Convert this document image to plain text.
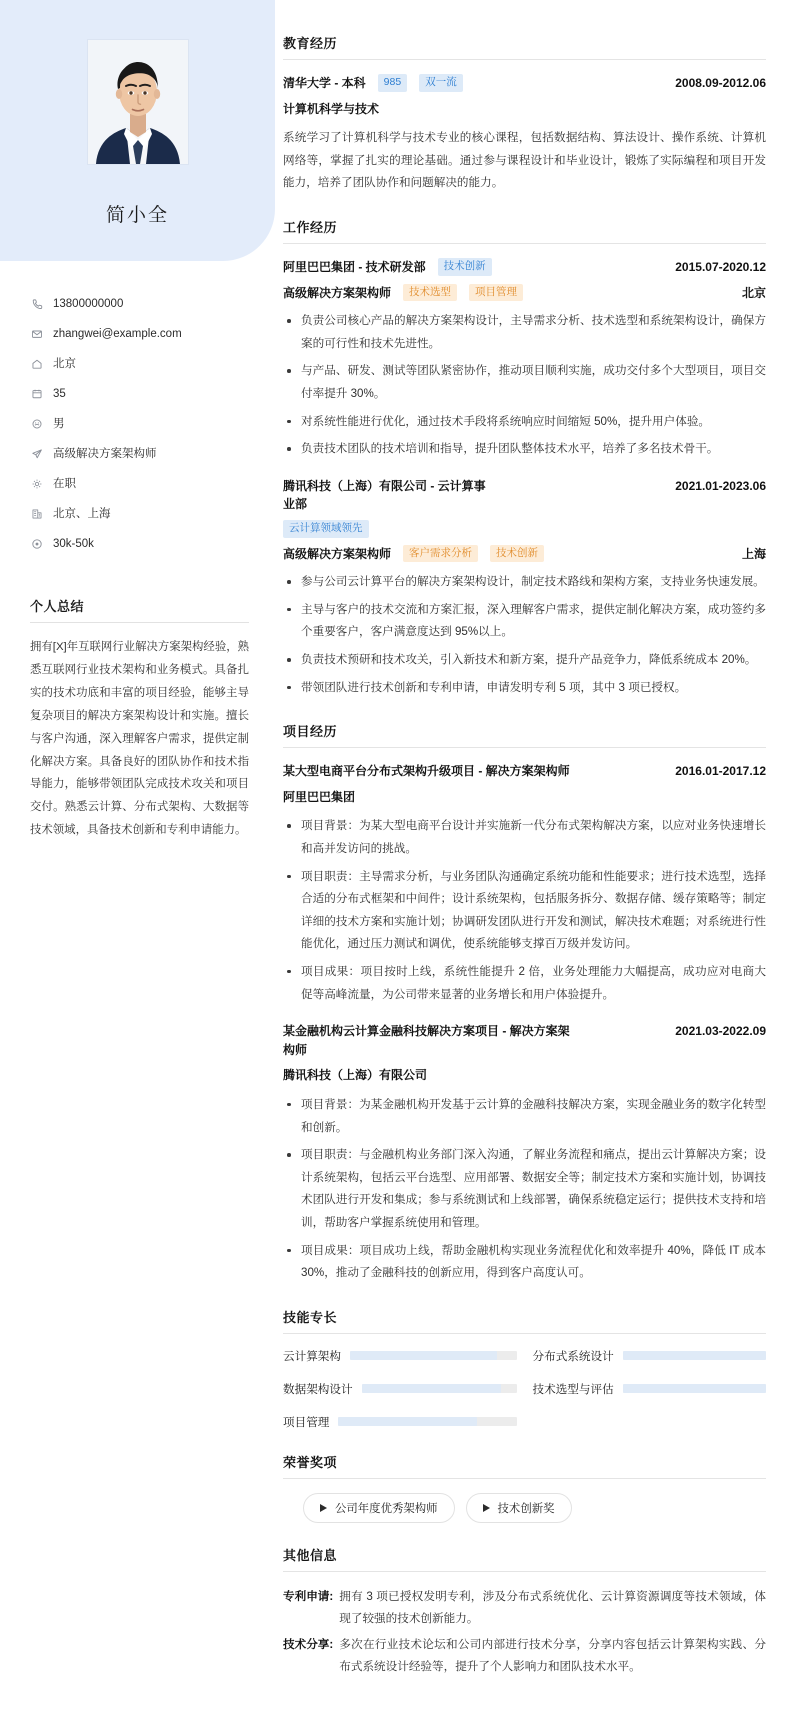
简小全
13800000000
zhangwei@example.com
北京
35
男
高级解决方案架构师
在职
北京、上海
30k-50k
个人总结
拥有[X]年互联网行业解决方案架构经验，熟悉互联网行业技术架构和业务模式。具备扎实的技术功底和丰富的项目经验，能够主导复杂项目的解决方案架构设计和实施。擅长与客户沟通，深入理解客户需求，提供定制化解决方案。具备良好的团队协作和技术指导能力，能够带领团队完成技术攻关和项目交付。熟悉云计算、分布式架构、大数据等技术领域，具备技术创新和专利申请能力。
教育经历
清华大学 - 本科	985	双一流	2008.09-2012.06
计算机科学与技术
系统学习了计算机科学与技术专业的核心课程，包括数据结构、算法设计、操作系统、计算机网络等，掌握了扎实的理论基础。通过参与课程设计和毕业设计，锻炼了实际编程和项目开发能力，培养了团队协作和问题解决的能力。
工作经历
阿里巴巴集团 - 技术研发部	技术创新	2015.07-2020.12
高级解决方案架构师	技术选型	项目管理	北京
负责公司核心产品的解决方案架构设计，主导需求分析、技术选型和系统架构设计，确保方案的可行性和技术先进性。
与产品、研发、测试等团队紧密协作，推动项目顺利实施，成功交付多个大型项目，项目交付率提升 30%。
对系统性能进行优化，通过技术手段将系统响应时间缩短 50%，提升用户体验。
负责技术团队的技术培训和指导，提升团队整体技术水平，培养了多名技术骨干。
腾讯科技（上海）有限公司 - 云计算事业部
云计算领域领先
2021.01-2023.06
高级解决方案架构师	客户需求分析	技术创新	上海
参与公司云计算平台的解决方案架构设计，制定技术路线和架构方案，支持业务快速发展。
主导与客户的技术交流和方案汇报，深入理解客户需求，提供定制化解决方案，成功签约多个重要客户，客户满意度达到 95%以上。
负责技术预研和技术攻关，引入新技术和新方案，提升产品竞争力，降低系统成本 20%。
带领团队进行技术创新和专利申请，申请发明专利 5 项，其中 3 项已授权。
项目经历
某大型电商平台分布式架构升级项目 - 解决方案架构师	2016.01-2017.12
阿里巴巴集团
项目背景：为某大型电商平台设计并实施新一代分布式架构解决方案，以应对业务快速增长和高并发访问的挑战。
项目职责：主导需求分析，与业务团队沟通确定系统功能和性能要求；进行技术选型，选择合适的分布式框架和中间件；设计系统架构，包括服务拆分、数据存储、缓存策略等；制定详细的技术方案和实施计划；协调研发团队进行开发和测试，解决技术难题；对系统进行性能优化，通过压力测试和调优，使系统能够支撑百万级并发访问。
项目成果：项目按时上线，系统性能提升 2 倍，业务处理能力大幅提高，成功应对电商大促等高峰流量，为公司带来显著的业务增长和用户体验提升。
某金融机构云计算金融科技解决方案项目 - 解决方案架构师
2021.03-2022.09
腾讯科技（上海）有限公司
项目背景：为某金融机构开发基于云计算的金融科技解决方案，实现金融业务的数字化转型和创新。
项目职责：与金融机构业务部门深入沟通，了解业务流程和痛点，提出云计算解决方案；设计系统架构，包括云平台选型、应用部署、数据安全等；制定技术方案和实施计划，协调技术团队进行开发和集成；参与系统测试和上线部署，确保系统稳定运行；提供技术支持和培训，帮助客户掌握系统使用和管理。
项目成果：项目成功上线，帮助金融机构实现业务流程优化和效率提升 40%，降低 IT 成本 30%，推动了金融科技的创新应用，得到客户高度认可。
技能专长
云计算架构	分布式系统设计
数据架构设计	技术选型与评估
项目管理
荣誉奖项
公司年度优秀架构师	技术创新奖
其他信息
专利申请: 拥有 3 项已授权发明专利，涉及分布式系统优化、云计算资源调度等技术领域，体现了较强的技术创新能力。
技术分享: 多次在行业技术论坛和公司内部进行技术分享，分享内容包括云计算架构实践、分布式系统设计经验等，提升了个人影响力和团队技术水平。
